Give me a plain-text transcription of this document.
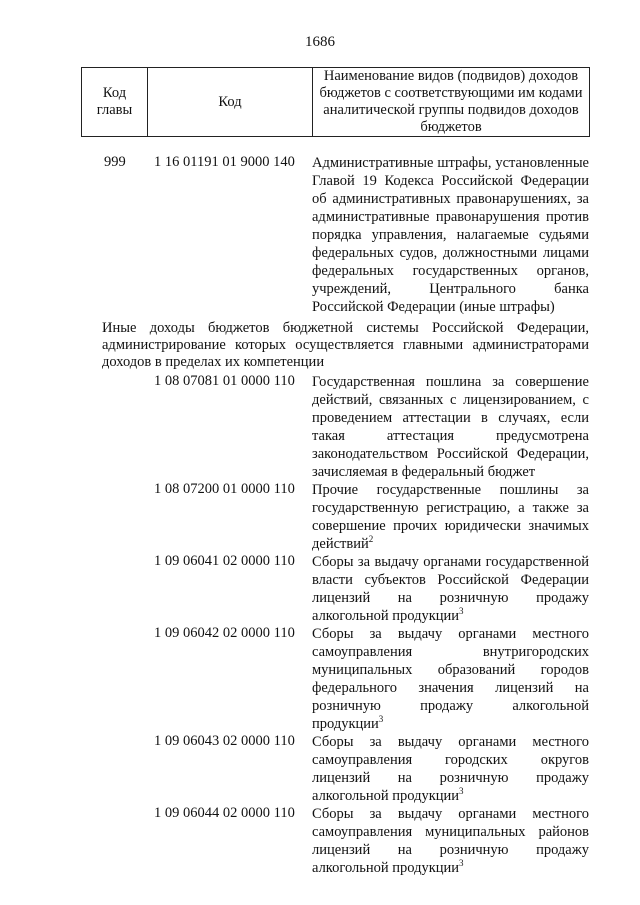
1686
Код главы	Код	Наименование видов (подвидов) доходов бюджетов с соответствующими им кодами аналитической группы подвидов доходов бюджетов
999 1 16 01191 01 9000 140 Административные штрафы, установленные
Главой 19 Кодекса Российской Федерации
об административных правонарушениях, за
административные правонарушения против
порядка управления, налагаемые судьями
федеральных судов, должностными лицами
федеральных государственных органов,
учреждений, Центрального банка
Российской Федерации (иные штрафы)
Иные доходы бюджетов бюджетной системы Российской Федерации,
администрирование которых осуществляется главными администраторами
доходов в пределах их компетенции
1 08 07081 01 0000 110 Государственная пошлина за совершение
действий, связанных с лицензированием, с
проведением аттестации в случаях, если
такая аттестация предусмотрена
законодательством Российской Федерации,
зачисляемая в федеральный бюджет
1 08 07200 01 0000 110 Прочие государственные пошлины за
государственную регистрацию, а также за
совершение прочих юридически значимых
действий$^2$
1 09 06041 02 0000 110 Сборы за выдачу органами государственной
власти субъектов Российской Федерации
лицензий на розничную продажу
алкогольной продукции$^3$
1 09 06042 02 0000 110 Сборы за выдачу органами местного
самоуправления внутригородских
муниципальных образований городов
федерального значения лицензий на
розничную продажу алкогольной
продукции$^3$
1 09 06043 02 0000 110 Сборы за выдачу органами местного
самоуправления городских округов
лицензий на розничную продажу
алкогольной продукции$^3$
1 09 06044 02 0000 110 Сборы за выдачу органами местного
самоуправления муниципальных районов
лицензий на розничную продажу
алкогольной продукции$^3$
